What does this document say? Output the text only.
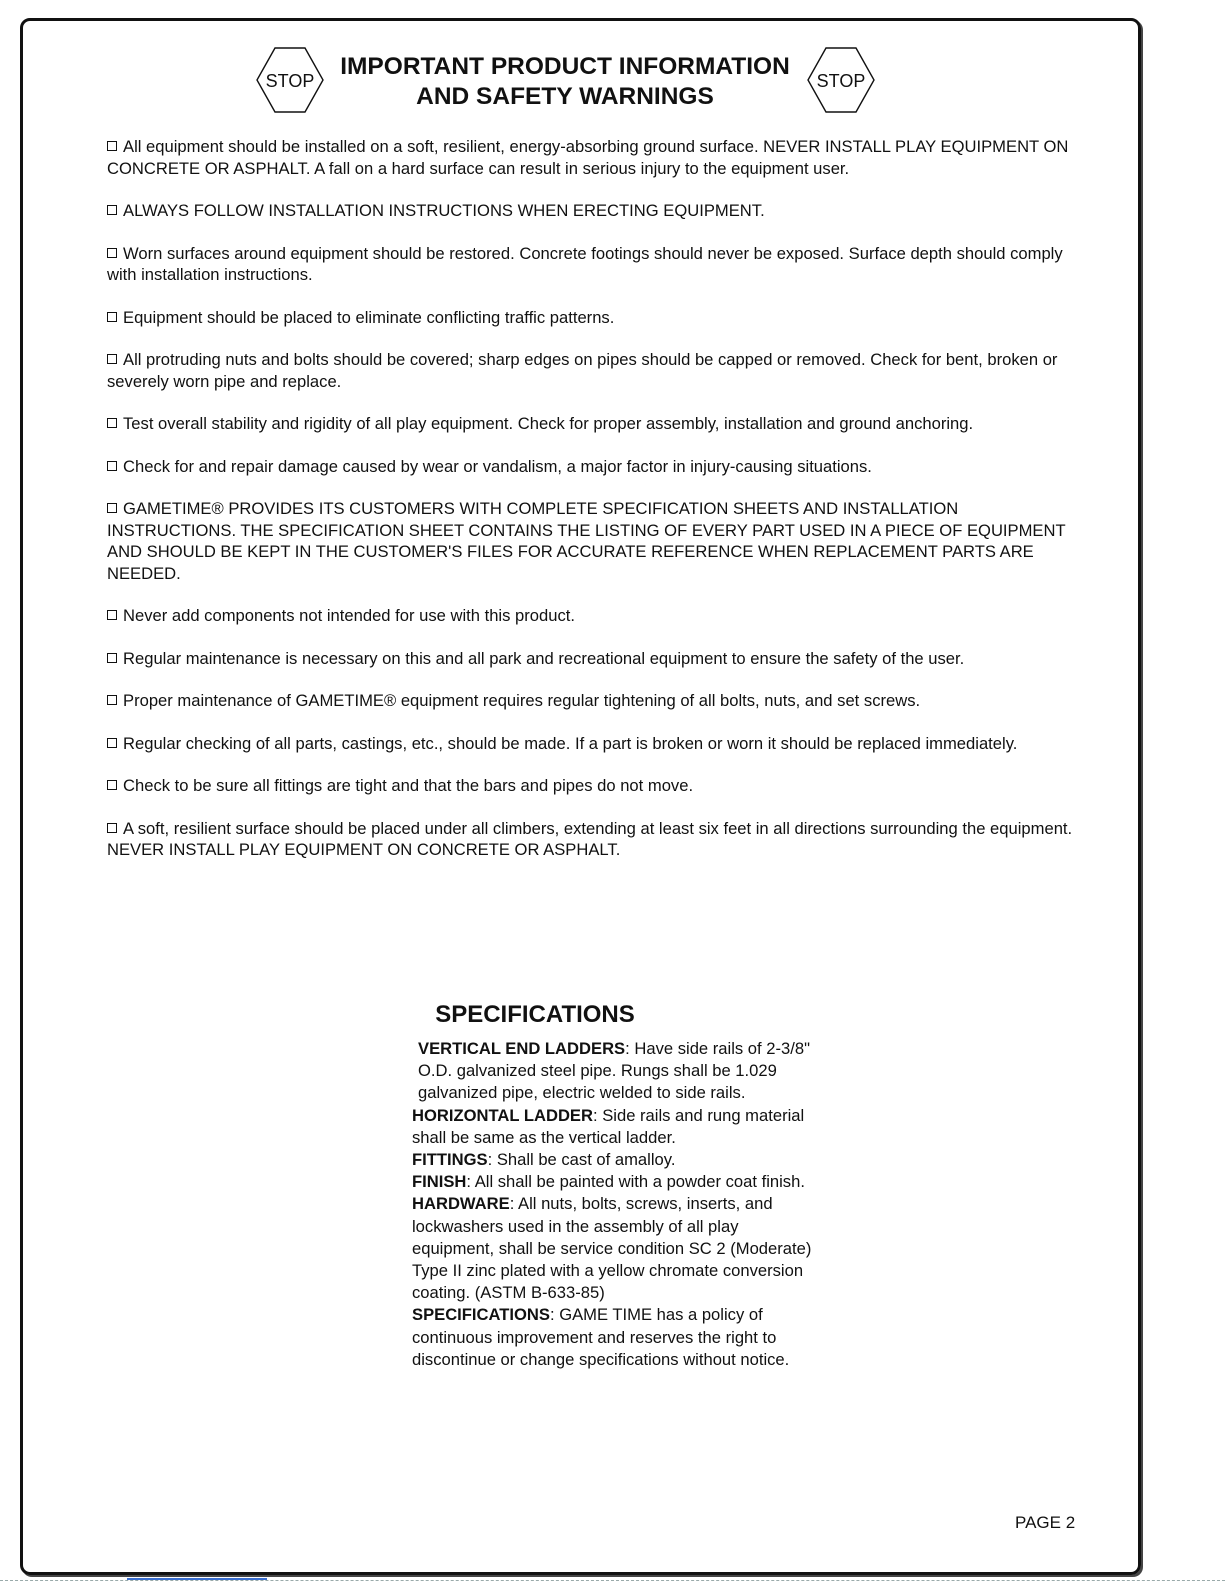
STOP
IMPORTANT PRODUCT INFORMATION
AND SAFETY WARNINGS
STOP
All equipment should be installed on a soft, resilient, energy-absorbing ground surface. NEVER INSTALL PLAY EQUIPMENT ON CONCRETE OR ASPHALT. A fall on a hard surface can result in serious injury to the equipment user.
ALWAYS FOLLOW INSTALLATION INSTRUCTIONS WHEN ERECTING EQUIPMENT.
Worn surfaces around equipment should be restored. Concrete footings should never be exposed. Surface depth should comply with installation instructions.
Equipment should be placed to eliminate conflicting traffic patterns.
All protruding nuts and bolts should be covered; sharp edges on pipes should be capped or removed. Check for bent, broken or severely worn pipe and replace.
Test overall stability and rigidity of all play equipment. Check for proper assembly, installation and ground anchoring.
Check for and repair damage caused by wear or vandalism, a major factor in injury-causing situations.
GAMETIME® PROVIDES ITS CUSTOMERS WITH COMPLETE SPECIFICATION SHEETS AND INSTALLATION INSTRUCTIONS. THE SPECIFICATION SHEET CONTAINS THE LISTING OF EVERY PART USED IN A PIECE OF EQUIPMENT AND SHOULD BE KEPT IN THE CUSTOMER'S FILES FOR ACCURATE REFERENCE WHEN REPLACEMENT PARTS ARE NEEDED.
Never add components not intended for use with this product.
Regular maintenance is necessary on this and all park and recreational equipment to ensure the safety of the user.
Proper maintenance of GAMETIME® equipment requires regular tightening of all bolts, nuts, and set screws.
Regular checking of all parts, castings, etc., should be made. If a part is broken or worn it should be replaced immediately.
Check to be sure all fittings are tight and that the bars and pipes do not move.
A soft, resilient surface should be placed under all climbers, extending at least six feet in all directions surrounding the equipment. NEVER INSTALL PLAY EQUIPMENT ON CONCRETE OR ASPHALT.
SPECIFICATIONS
VERTICAL END LADDERS: Have side rails of 2-3/8" O.D. galvanized steel pipe. Rungs shall be 1.029 galvanized pipe, electric welded to side rails.
HORIZONTAL LADDER: Side rails and rung material shall be same as the vertical ladder.
FITTINGS: Shall be cast of amalloy.
FINISH: All shall be painted with a powder coat finish.
HARDWARE: All nuts, bolts, screws, inserts, and lockwashers used in the assembly of all play equipment, shall be service condition SC 2 (Moderate) Type II zinc plated with a yellow chromate conversion coating. (ASTM B-633-85)
SPECIFICATIONS: GAME TIME has a policy of continuous improvement and reserves the right to discontinue or change specifications without notice.
PAGE 2
